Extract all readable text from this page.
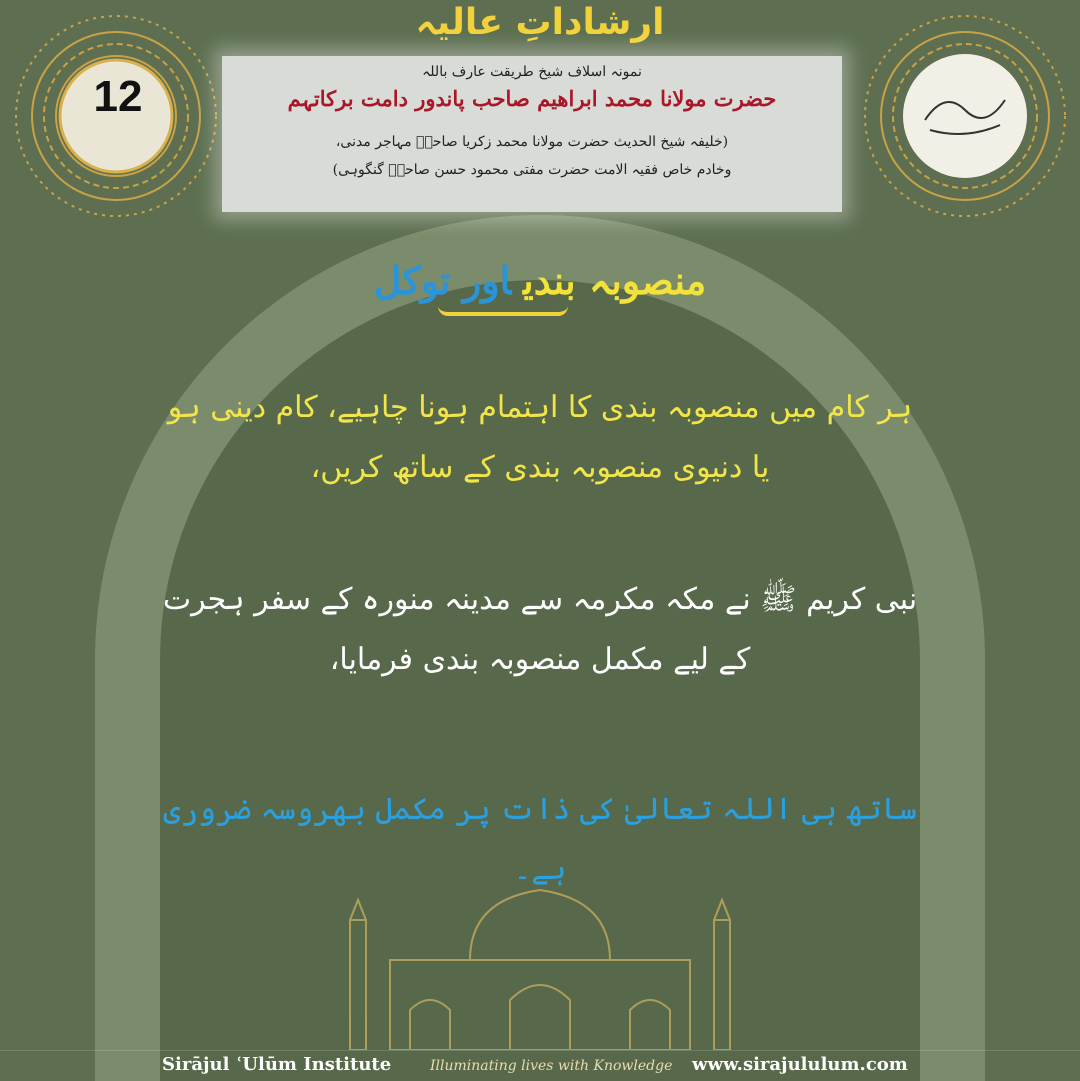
12
ارشاداتِ عالیہ
نمونہ اسلاف شیخ طریقت عارف باللہ
حضرت مولانا محمد ابراھیم صاحب پاندور دامت برکاتہم
(خلیفہ شیخ الحدیث حضرت مولانا محمد زکریا صاحبؒ مہاجر مدنی،
وخادم خاص فقیہ الامت حضرت مفتی محمود حسن صاحبؒ گنگوہی)
منصوبہ بندیاورتوکل
ہر کام میں منصوبہ بندی کا اہتمام ہونا چاہیے، کام دینی ہو یا دنیوی منصوبہ بندی کے ساتھ کریں،
نبی کریم ﷺ نے مکہ مکرمہ سے مدینہ منورہ کے سفر ہجرت کے لیے مکمل منصوبہ بندی فرمایا،
ساتھ ہی اللہ تعالیٰ کی ذات پر مکمل بھروسہ ضروری ہے۔
Sirājul ʿUlūm Institute	Illuminating lives with Knowledge www.sirajululum.com
